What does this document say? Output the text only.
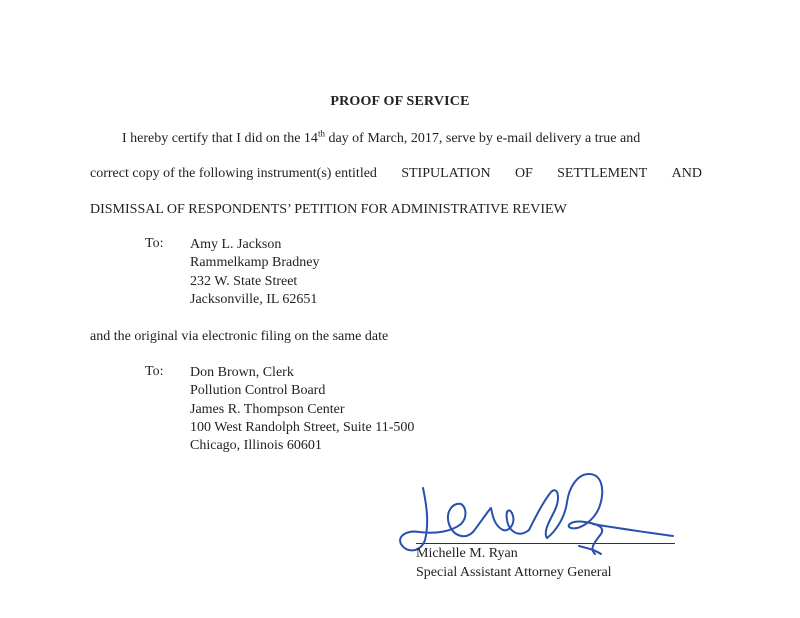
PROOF OF SERVICE
I hereby certify that I did on the 14th day of March, 2017, serve by e-mail delivery a true and
correct copy of the following instrument(s) entitled STIPULATION OF SETTLEMENT AND
DISMISSAL OF RESPONDENTS’ PETITION FOR ADMINISTRATIVE REVIEW
To: Amy L. Jackson
Rammelkamp Bradney
232 W. State Street
Jacksonville, IL 62651
and the original via electronic filing on the same date
To: Don Brown, Clerk
Pollution Control Board
James R. Thompson Center
100 West Randolph Street, Suite 11-500
Chicago, Illinois 60601
Michelle M. Ryan
Special Assistant Attorney General
